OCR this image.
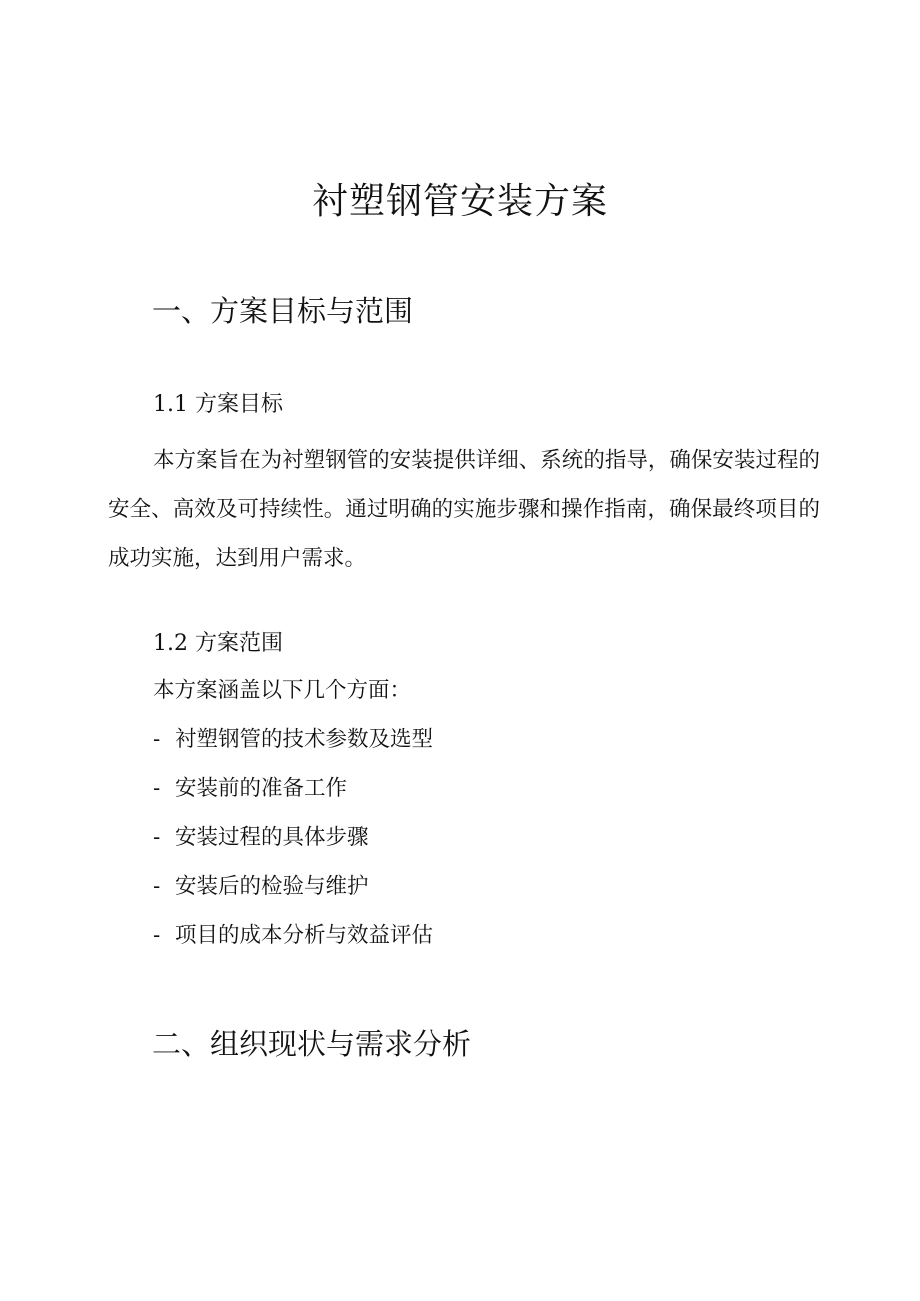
衬塑钢管安装方案
一、方案目标与范围
1.1 方案目标

本方案旨在为衬塑钢管的安装提供详细、系统的指导，确保安装过程的安全、高效及可持续性。通过明确的实施步骤和操作指南，确保最终项目的成功实施，达到用户需求。

1.2 方案范围

本方案涵盖以下几个方面：

- 衬塑钢管的技术参数及选型
- 安装前的准备工作
- 安装过程的具体步骤
- 安装后的检验与维护
- 项目的成本分析与效益评估
二、组织现状与需求分析
